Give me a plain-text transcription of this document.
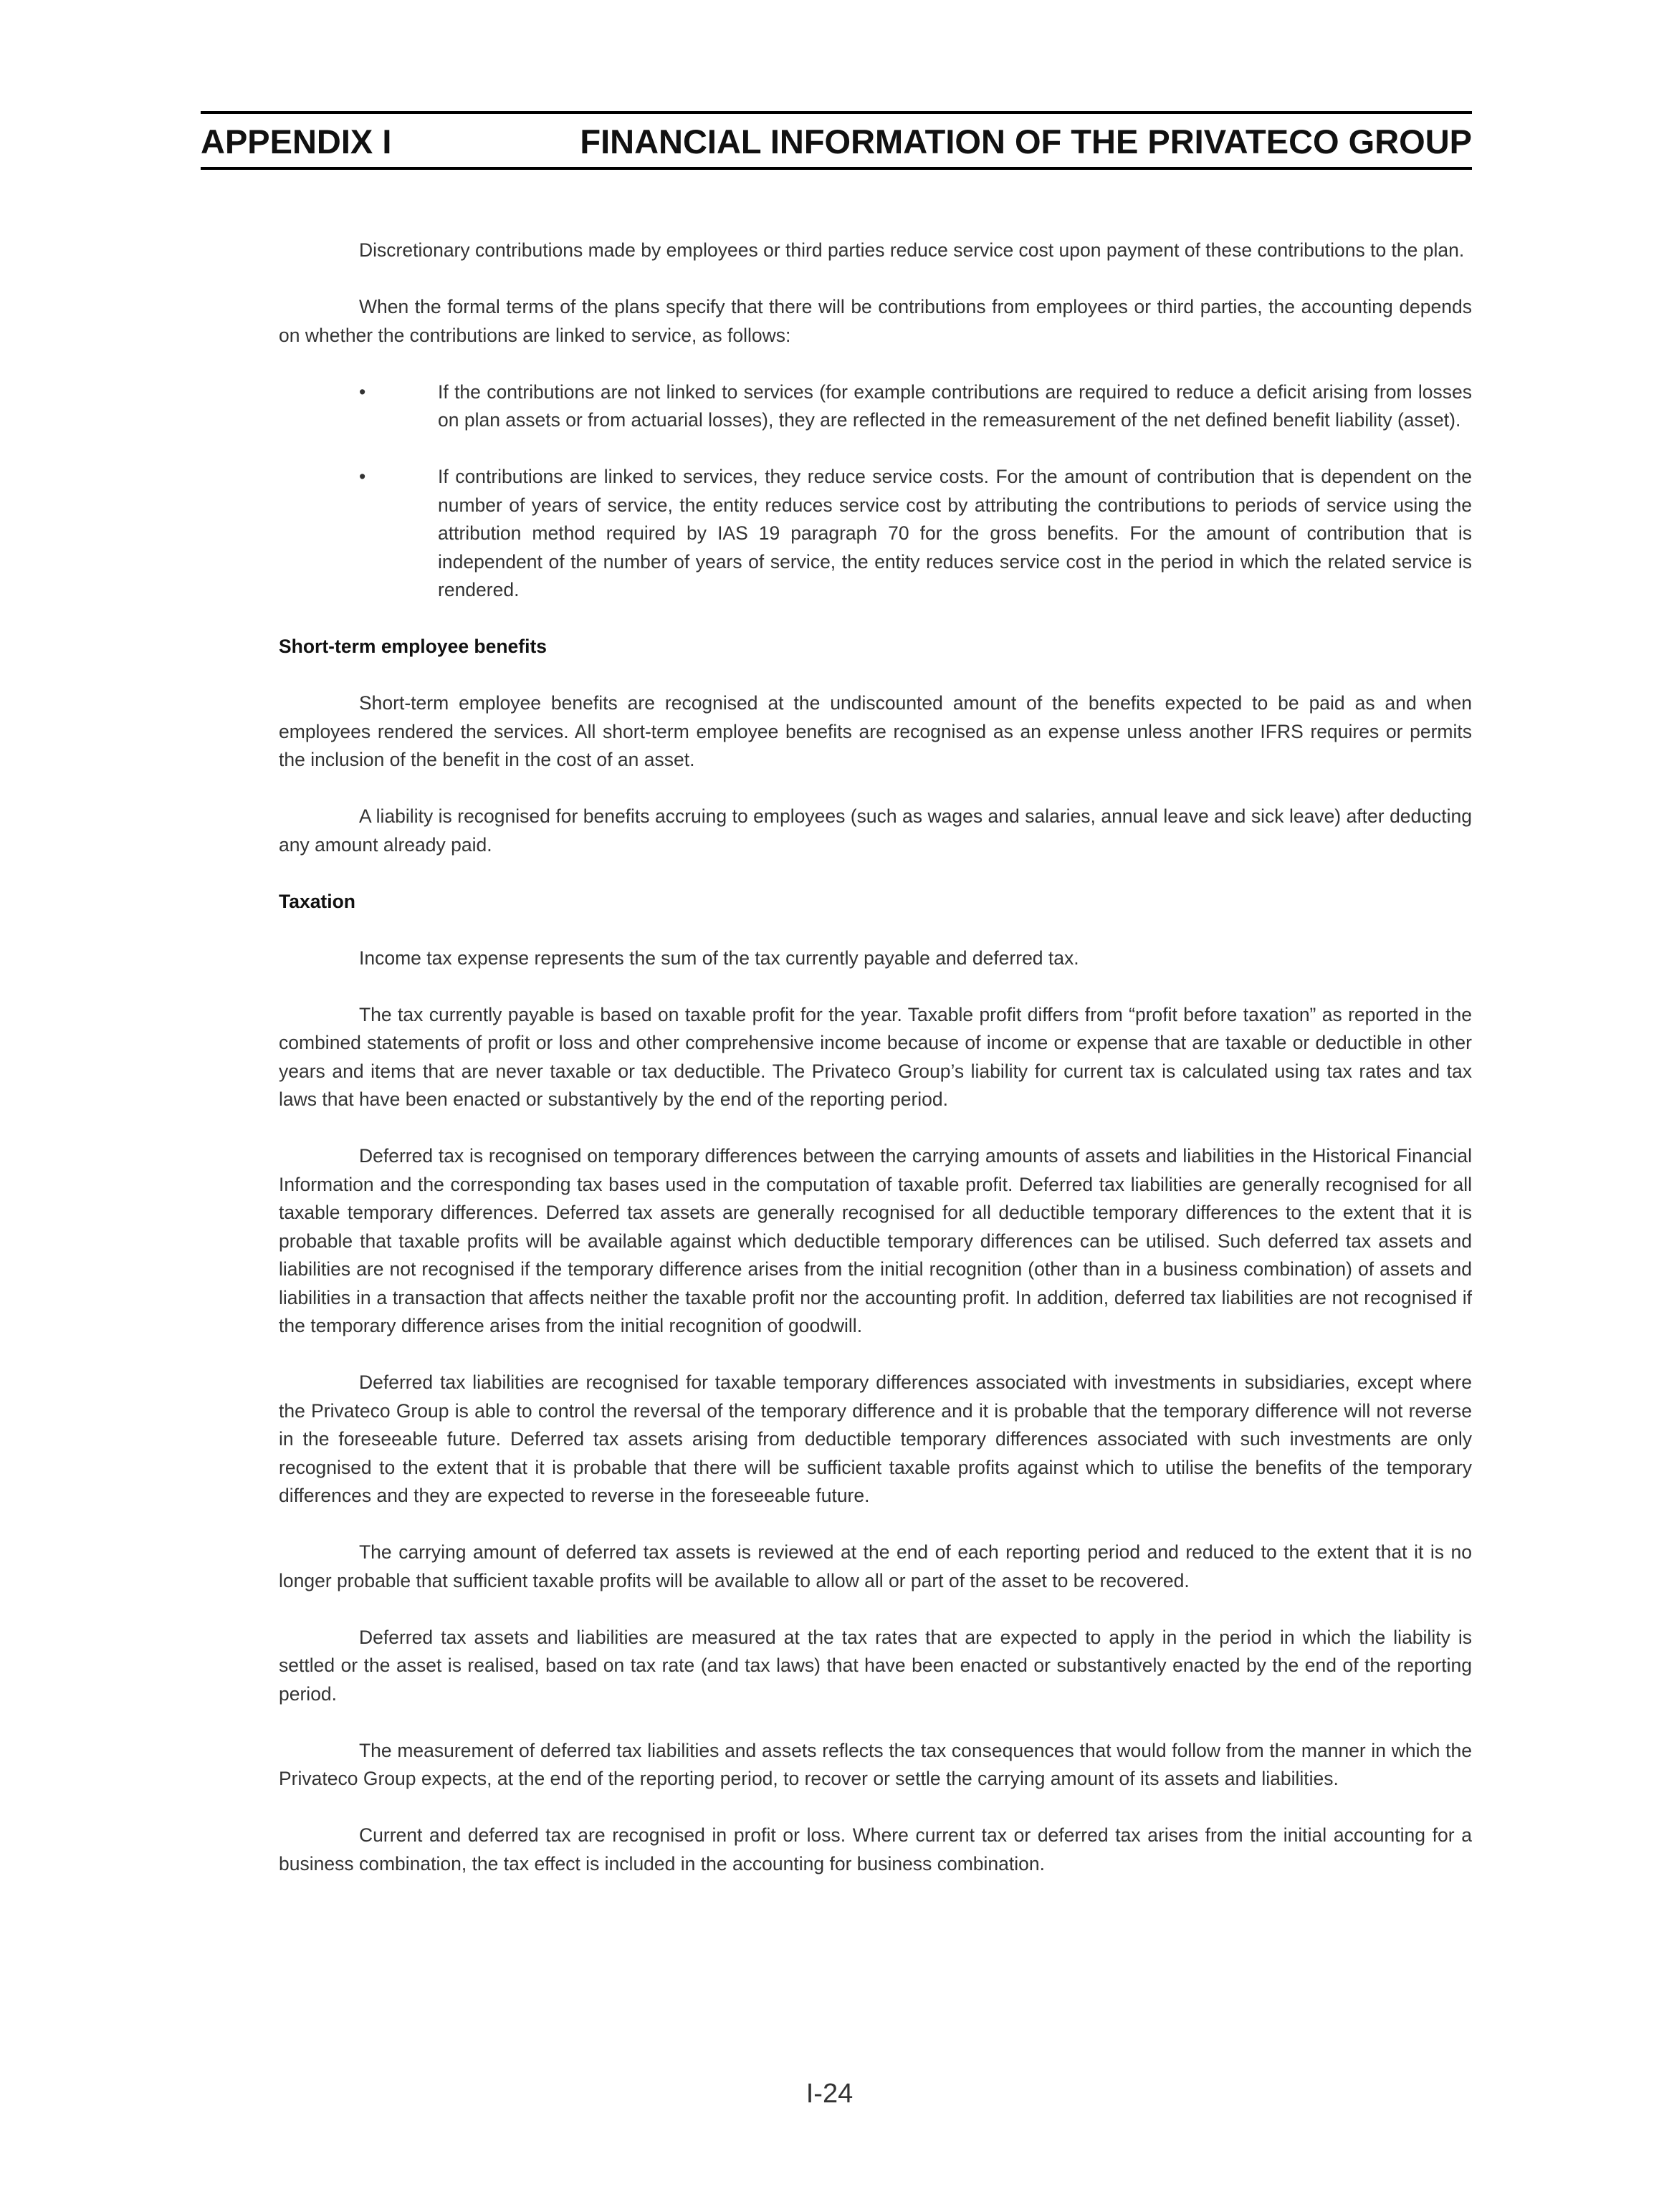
APPENDIX I	FINANCIAL INFORMATION OF THE PRIVATECO GROUP

Discretionary contributions made by employees or third parties reduce service cost upon payment of these contributions to the plan.

When the formal terms of the plans specify that there will be contributions from employees or third parties, the accounting depends on whether the contributions are linked to service, as follows:

•	If the contributions are not linked to services (for example contributions are required to reduce a deficit arising from losses on plan assets or from actuarial losses), they are reflected in the remeasurement of the net defined benefit liability (asset).
•	If contributions are linked to services, they reduce service costs. For the amount of contribution that is dependent on the number of years of service, the entity reduces service cost by attributing the contributions to periods of service using the attribution method required by IAS 19 paragraph 70 for the gross benefits. For the amount of contribution that is independent of the number of years of service, the entity reduces service cost in the period in which the related service is rendered.
Short-term employee benefits

Short-term employee benefits are recognised at the undiscounted amount of the benefits expected to be paid as and when employees rendered the services. All short-term employee benefits are recognised as an expense unless another IFRS requires or permits the inclusion of the benefit in the cost of an asset.

A liability is recognised for benefits accruing to employees (such as wages and salaries, annual leave and sick leave) after deducting any amount already paid.

Taxation

Income tax expense represents the sum of the tax currently payable and deferred tax.

The tax currently payable is based on taxable profit for the year. Taxable profit differs from “profit before taxation” as reported in the combined statements of profit or loss and other comprehensive income because of income or expense that are taxable or deductible in other years and items that are never taxable or tax deductible. The Privateco Group’s liability for current tax is calculated using tax rates and tax laws that have been enacted or substantively by the end of the reporting period.

Deferred tax is recognised on temporary differences between the carrying amounts of assets and liabilities in the Historical Financial Information and the corresponding tax bases used in the computation of taxable profit. Deferred tax liabilities are generally recognised for all taxable temporary differences. Deferred tax assets are generally recognised for all deductible temporary differences to the extent that it is probable that taxable profits will be available against which deductible temporary differences can be utilised. Such deferred tax assets and liabilities are not recognised if the temporary difference arises from the initial recognition (other than in a business combination) of assets and liabilities in a transaction that affects neither the taxable profit nor the accounting profit. In addition, deferred tax liabilities are not recognised if the temporary difference arises from the initial recognition of goodwill.

Deferred tax liabilities are recognised for taxable temporary differences associated with investments in subsidiaries, except where the Privateco Group is able to control the reversal of the temporary difference and it is probable that the temporary difference will not reverse in the foreseeable future. Deferred tax assets arising from deductible temporary differences associated with such investments are only recognised to the extent that it is probable that there will be sufficient taxable profits against which to utilise the benefits of the temporary differences and they are expected to reverse in the foreseeable future.

The carrying amount of deferred tax assets is reviewed at the end of each reporting period and reduced to the extent that it is no longer probable that sufficient taxable profits will be available to allow all or part of the asset to be recovered.

Deferred tax assets and liabilities are measured at the tax rates that are expected to apply in the period in which the liability is settled or the asset is realised, based on tax rate (and tax laws) that have been enacted or substantively enacted by the end of the reporting period.

The measurement of deferred tax liabilities and assets reflects the tax consequences that would follow from the manner in which the Privateco Group expects, at the end of the reporting period, to recover or settle the carrying amount of its assets and liabilities.

Current and deferred tax are recognised in profit or loss. Where current tax or deferred tax arises from the initial accounting for a business combination, the tax effect is included in the accounting for business combination.

I-24
